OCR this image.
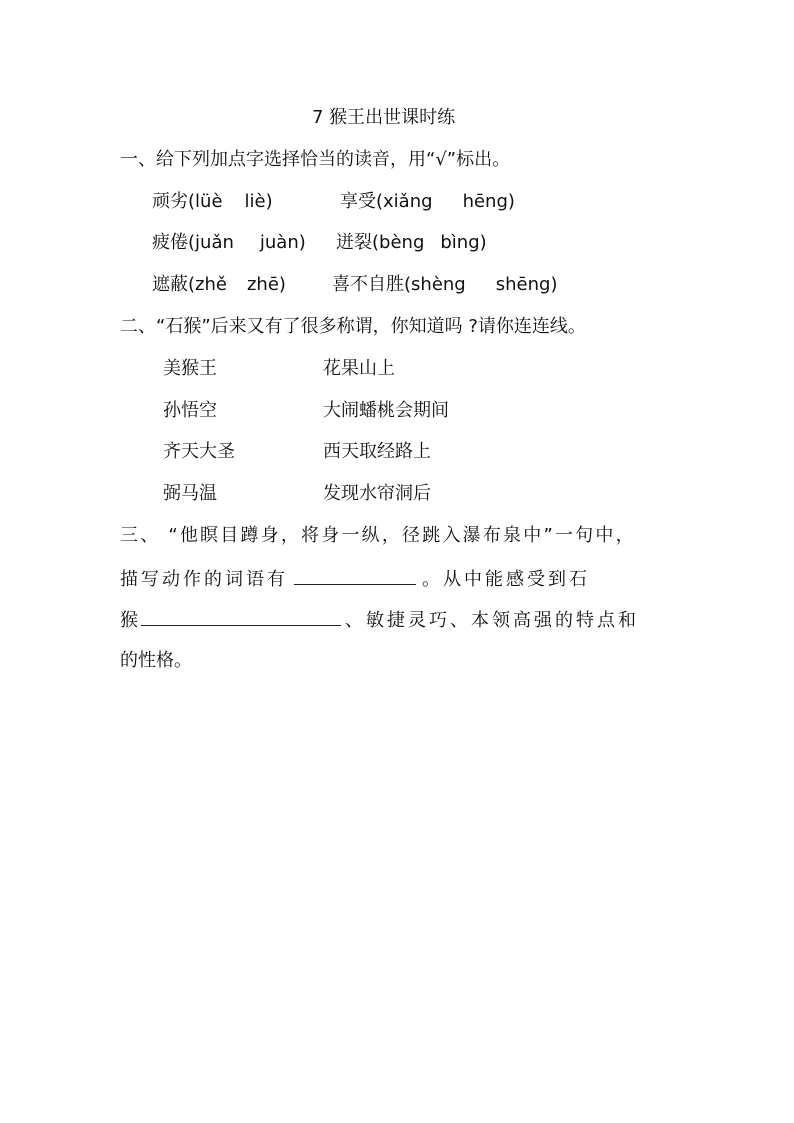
7 猴王出世课时练
一、给下列加点字选择恰当的读音，用“√”标出。
顽劣(lüè liè)	享受(xiǎng hēng)
疲倦(juǎn juàn) 迸裂(bèng bìng)
遮蔽(zhě zhē)	喜不自胜(shèng shēng)
二、“石猴”后来又有了很多称谓，你知道吗 ?请你连连线。
美猴王	花果山上
孙悟空	大闹蟠桃会期间
齐天大圣	西天取经路上
弼马温	发现水帘洞后
三、 “他瞑目蹲身，将身一纵，径跳入瀑布泉中”一句中，
描写动作的词语有	。从中能感受到石
猴	、敏捷灵巧、本领高强的特点和
的性格。
